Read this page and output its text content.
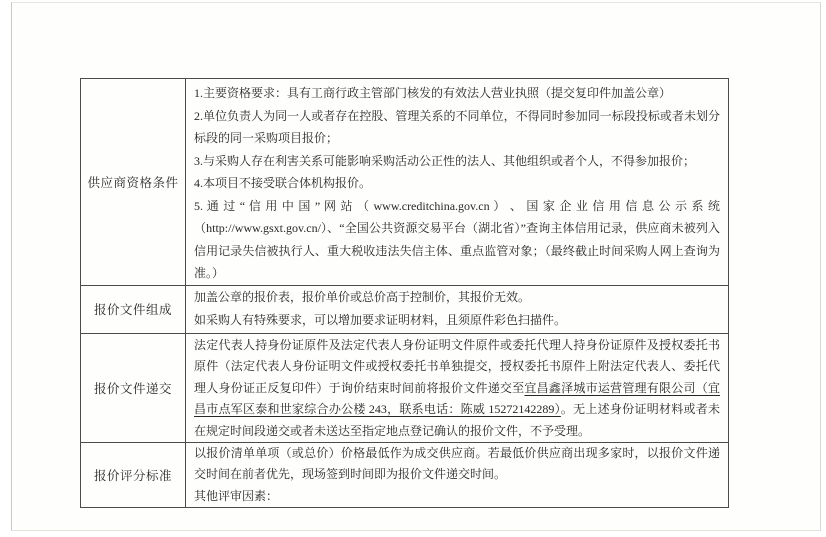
供应商资格条件

1.主要资格要求：具有工商行政主管部门核发的有效法人营业执照（提交复印件加盖公章）

2.单位负责人为同一人或者存在控股、管理关系的不同单位，不得同时参加同一标段投标或者未划分标段的同一采购项目报价；

3.与采购人存在利害关系可能影响采购活动公正性的法人、其他组织或者个人，不得参加报价；

4.本项目不接受联合体机构报价。

5. 通 过 “ 信 用 中 国 ” 网 站 （ www.creditchina.gov.cn ） 、 国 家 企 业 信 用 信 息 公 示 系 统（http://www.gsxt.gov.cn/）、“全国公共资源交易平台（湖北省）”查询主体信用记录，供应商未被列入信用记录失信被执行人、重大税收违法失信主体、重点监管对象；（最终截止时间采购人网上查询为准。）

报价文件组成

加盖公章的报价表，报价单价或总价高于控制价，其报价无效。

如采购人有特殊要求，可以增加要求证明材料，且须原件彩色扫描件。

报价文件递交

法定代表人持身份证原件及法定代表人身份证明文件原件或委托代理人持身份证原件及授权委托书原件（法定代表人身份证明文件或授权委托书单独提交，授权委托书原件上附法定代表人、委托代理人身份证正反复印件）于询价结束时间前将报价文件递交至宜昌鑫泽城市运营管理有限公司（宜昌市点军区泰和世家综合办公楼 243，联系电话：陈威 15272142289）。无上述身份证明材料或者未在规定时间段递交或者未送达至指定地点登记确认的报价文件，不予受理。

报价评分标准

以报价清单单项（或总价）价格最低作为成交供应商。若最低价供应商出现多家时，以报价文件递交时间在前者优先，现场签到时间即为报价文件递交时间。

其他评审因素：
